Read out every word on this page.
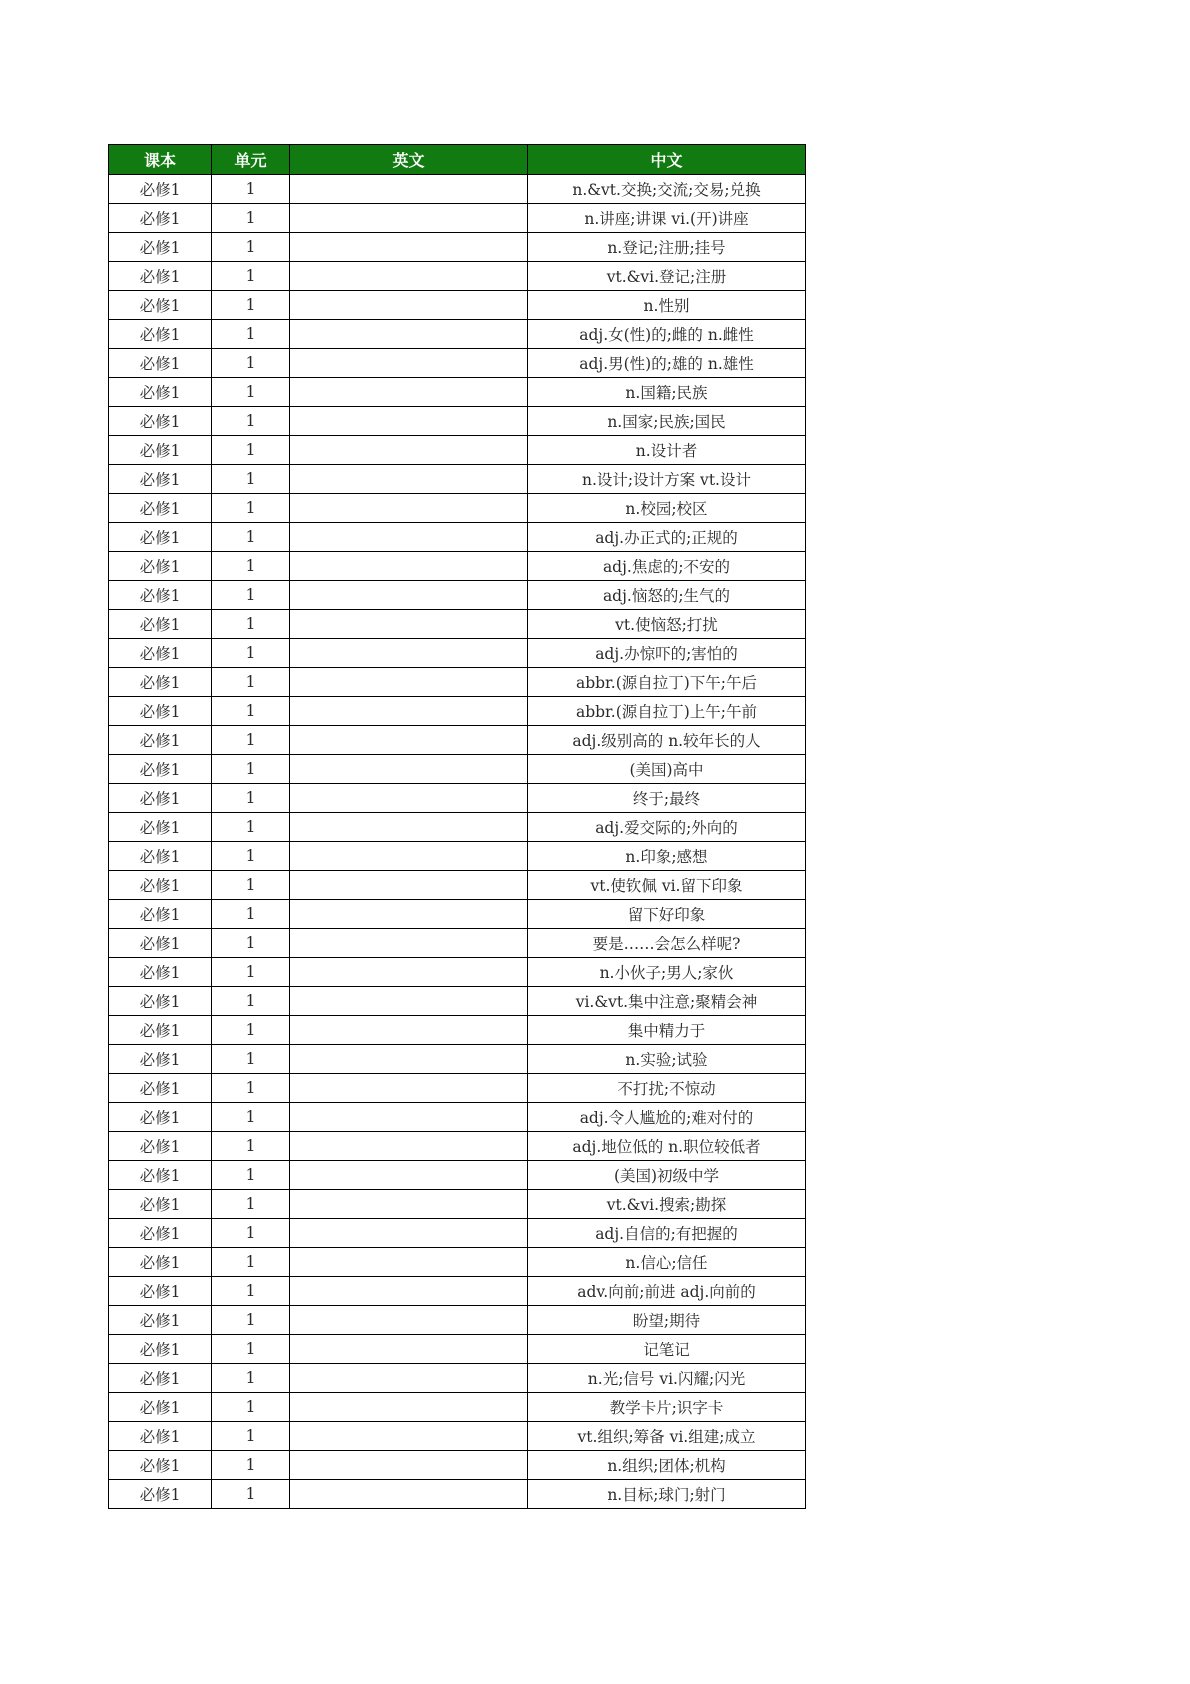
课本	单元	英文	中文
必修1	1		n.&vt.交换;交流;交易;兑换
必修1	1		n.讲座;讲课 vi.(开)讲座
必修1	1		n.登记;注册;挂号
必修1	1		vt.&vi.登记;注册
必修1	1		n.性别
必修1	1		adj.女(性)的;雌的 n.雌性
必修1	1		adj.男(性)的;雄的 n.雄性
必修1	1		n.国籍;民族
必修1	1		n.国家;民族;国民
必修1	1		n.设计者
必修1	1		n.设计;设计方案 vt.设计
必修1	1		n.校园;校区
必修1	1		adj.办正式的;正规的
必修1	1		adj.焦虑的;不安的
必修1	1		adj.恼怒的;生气的
必修1	1		vt.使恼怒;打扰
必修1	1		adj.办惊吓的;害怕的
必修1	1		abbr.(源自拉丁)下午;午后
必修1	1		abbr.(源自拉丁)上午;午前
必修1	1		adj.级别高的 n.较年长的人
必修1	1		(美国)高中
必修1	1		终于;最终
必修1	1		adj.爱交际的;外向的
必修1	1		n.印象;感想
必修1	1		vt.使钦佩 vi.留下印象
必修1	1		留下好印象
必修1	1		要是……会怎么样呢?
必修1	1		n.小伙子;男人;家伙
必修1	1		vi.&vt.集中注意;聚精会神
必修1	1		集中精力于
必修1	1		n.实验;试验
必修1	1		不打扰;不惊动
必修1	1		adj.令人尴尬的;难对付的
必修1	1		adj.地位低的 n.职位较低者
必修1	1		(美国)初级中学
必修1	1		vt.&vi.搜索;勘探
必修1	1		adj.自信的;有把握的
必修1	1		n.信心;信任
必修1	1		adv.向前;前进 adj.向前的
必修1	1		盼望;期待
必修1	1		记笔记
必修1	1		n.光;信号 vi.闪耀;闪光
必修1	1		教学卡片;识字卡
必修1	1		vt.组织;筹备 vi.组建;成立
必修1	1		n.组织;团体;机构
必修1	1		n.目标;球门;射门
